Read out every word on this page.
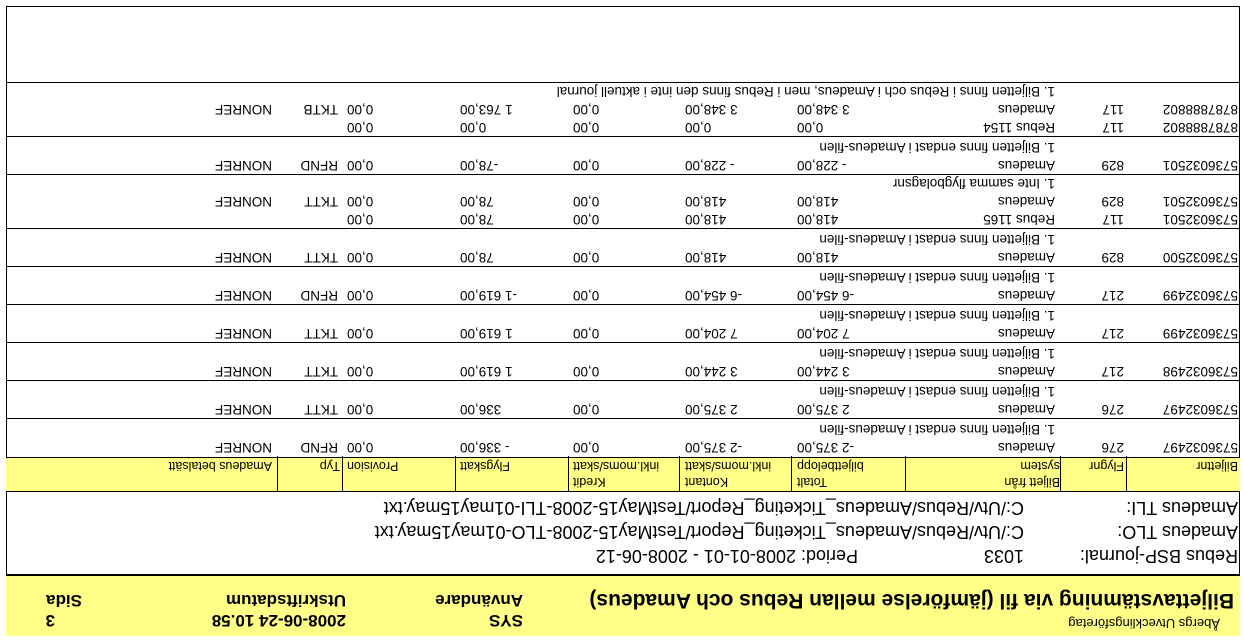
Åbergs Utvecklingsföretag
Biljettavstämning via fil (jämförelse mellan Rebus och Amadeus)
SYS
Användare
2008-06-24 10.58
Utskriftsdatum
3
Sida
Rebus BSP-journal:
1033
Period: 2008-01-01 - 2008-06-12
Amadeus TLO:
C:/Utv/Rebus/Amadeus_Ticketing_Report/TestMay15-2008-TLO-01may15may.txt
Amadeus TLI:
C:/Utv/Rebus/Amadeus_Ticketing_Report/TestMay15-2008-TLI-01may15may.txt
Biljett från
Totalt
Kontant
Kredit
Biljettnr
Flygnr
system
biljettbelopp
inkl.moms/skatt
inkl.moms/skatt
Flygskatt
Provision
Typ
Amadeus betalsätt
5736032497
276
Amadeus
-2 375,00
-2 375,00
0,00
- 336,00
0,00
RFND
NONREF
1. Biljetten finns endast i Amadeus-filen
5736032497
276
Amadeus
2 375,00
2 375,00
0,00
336,00
0,00
TKTT
NONREF
1. Biljetten finns endast i Amadeus-filen
5736032498
217
Amadeus
3 244,00
3 244,00
0,00
1 619,00
0,00
TKTT
NONREF
1. Biljetten finns endast i Amadeus-filen
5736032499
217
Amadeus
7 204,00
7 204,00
0,00
1 619,00
0,00
TKTT
NONREF
1. Biljetten finns endast i Amadeus-filen
5736032499
217
Amadeus
-6 454,00
-6 454,00
0,00
-1 619,00
0,00
RFND
NONREF
1. Biljetten finns endast i Amadeus-filen
5736032500
829
Amadeus
418,00
418,00
0,00
78,00
0,00
TKTT
NONREF
1. Biljetten finns endast i Amadeus-filen
5736032501
117
Rebus 1165
418,00
418,00
0,00
78,00
0,00
5736032501
829
Amadeus
418,00
418,00
0,00
78,00
0,00
TKTT
NONREF
1. Inte samma flygbolagsnr
5736032501
829
Amadeus
- 228,00
- 228,00
0,00
-78,00
0,00
RFND
NONREF
1. Biljetten finns endast i Amadeus-filen
8787888802
117
Rebus 1154
0,00
0,00
0,00
0,00
0,00
8787888802
117
Amadeus
3 348,00
3 348,00
0,00
1 763,00
0,00
TKTB
NONREF
1. Biljetten finns i Rebus och i Amadeus, men i Rebus finns den inte i aktuell journal
